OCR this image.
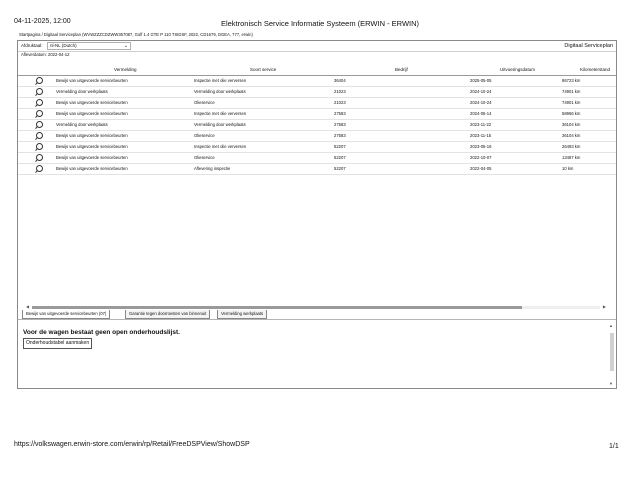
04-11-2025, 12:00	Elektronisch Service Informatie Systeem (ERWIN - ERWIN)
Startpagina / Digitaal Serviceplan (WVWZZZCDZWW357087, Golf 1.4 GTE P 110 TSIDSF, 2022, CD1679, DGEA, 777, erwin)
Afdruktaal:	nl-NL (Dutch)	⌄	Digitaal Serviceplan
Afleverdatum: 2022-04-12
Vermelding	Soort service	Bedrijf	Uitvoeringsdatum	Kilometerstand
Bewijs van uitgevoerde servicebeurten	Inspectie met olie verversen	36404	2025-05-05	86723 km
Vermelding door werkplaats	Vermelding door werkplaats	21023	2024-10-24	74901 km
Bewijs van uitgevoerde servicebeurten	Olieservice	21023	2024-10-24	74901 km
Bewijs van uitgevoerde servicebeurten	Inspectie met olie verversen	27583	2024-05-14	58966 km
Vermelding door werkplaats	Vermelding door werkplaats	27583	2023-11-22	36104 km
Bewijs van uitgevoerde servicebeurten	Olieservice	27583	2023-11-15	36104 km
Bewijs van uitgevoerde servicebeurten	Inspectie met olie verversen	52207	2023-05-16	26493 km
Bewijs van uitgevoerde servicebeurten	Olieservice	52207	2022-10-07	13487 km
Bewijs van uitgevoerde servicebeurten	Aflevering inspectie	52207	2022-04-05	10 km
◀	▶
Bewijs van uitgevoerde servicebeurten (07)	Garantie tegen doorroesten van binnenuit	Vermelding werkplaats
Voor de wagen bestaat geen open onderhoudslijst.
Onderhoudstabel aanmaken
▲
▼
https://volkswagen.erwin-store.com/erwin/rp/Retail/FreeDSPView/ShowDSP	1/1
